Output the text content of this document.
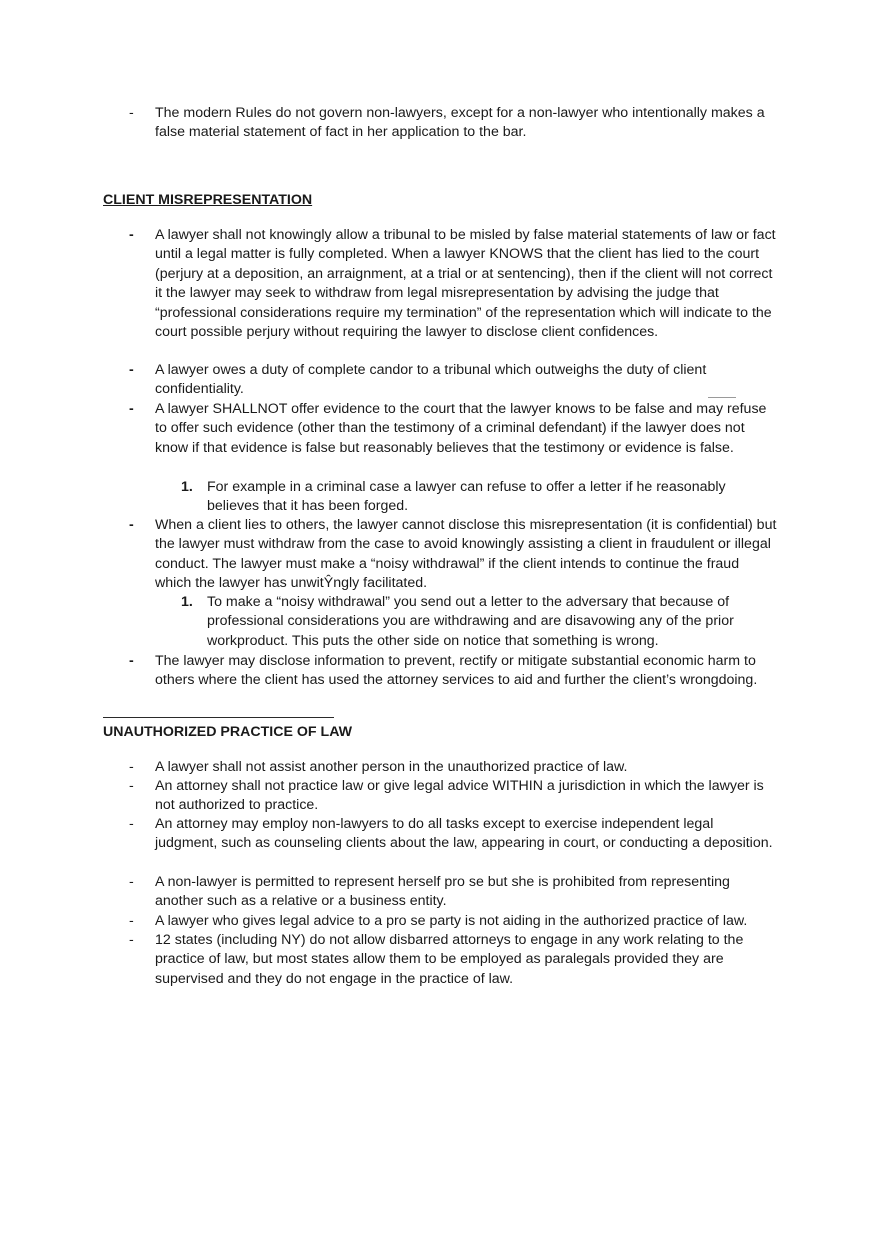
-	The modern Rules do not govern non-lawyers, except for a non-lawyer who intentionally makes a false material statement of fact in her application to the bar.
CLIENT MISREPRESENTATION
-	A lawyer shall not knowingly allow a tribunal to be misled by false material statements of law or fact until a legal matter is fully completed. When a lawyer KNOWS that the client has lied to the court (perjury at a deposition, an arraignment, at a trial or at sentencing), then if the client will not correct it the lawyer may seek to withdraw from legal misrepresentation by advising the judge that “professional considerations require my termination” of the representation which will indicate to the court possible perjury without requiring the lawyer to disclose client confidences.
-	A lawyer owes a duty of complete candor to a tribunal which outweighs the duty of client confidentiality.
-	A lawyer SHALLNOT offer evidence to the court that the lawyer knows to be false and may refuse to offer such evidence (other than the testimony of a criminal defendant) if the lawyer does not know if that evidence is false but reasonably believes that the testimony or evidence is false.
1. For example in a criminal case a lawyer can refuse to offer a letter if he reasonably believes that it has been forged.
-	When a client lies to others, the lawyer cannot disclose this misrepresentation (it is confidential) but the lawyer must withdraw from the case to avoid knowingly assisting a client in fraudulent or illegal conduct. The lawyer must make a “noisy withdrawal” if the client intends to continue the fraud which the lawyer has unwitŶngly facilitated.
1. To make a “noisy withdrawal” you send out a letter to the adversary that because of professional considerations you are withdrawing and are disavowing any of the prior workproduct. This puts the other side on notice that something is wrong.
-	The lawyer may disclose information to prevent, rectify or mitigate substantial economic harm to others where the client has used the attorney services to aid and further the client’s wrongdoing.
UNAUTHORIZED PRACTICE OF LAW
-	A lawyer shall not assist another person in the unauthorized practice of law.
-	An attorney shall not practice law or give legal advice WITHIN a jurisdiction in which the lawyer is not authorized to practice.
-	An attorney may employ non-lawyers to do all tasks except to exercise independent legal judgment, such as counseling clients about the law, appearing in court, or conducting a deposition.
-	A non-lawyer is permitted to represent herself pro se but she is prohibited from representing another such as a relative or a business entity.
-	A lawyer who gives legal advice to a pro se party is not aiding in the authorized practice of law.
-	12 states (including NY) do not allow disbarred attorneys to engage in any work relating to the practice of law, but most states allow them to be employed as paralegals provided they are supervised and they do not engage in the practice of law.
